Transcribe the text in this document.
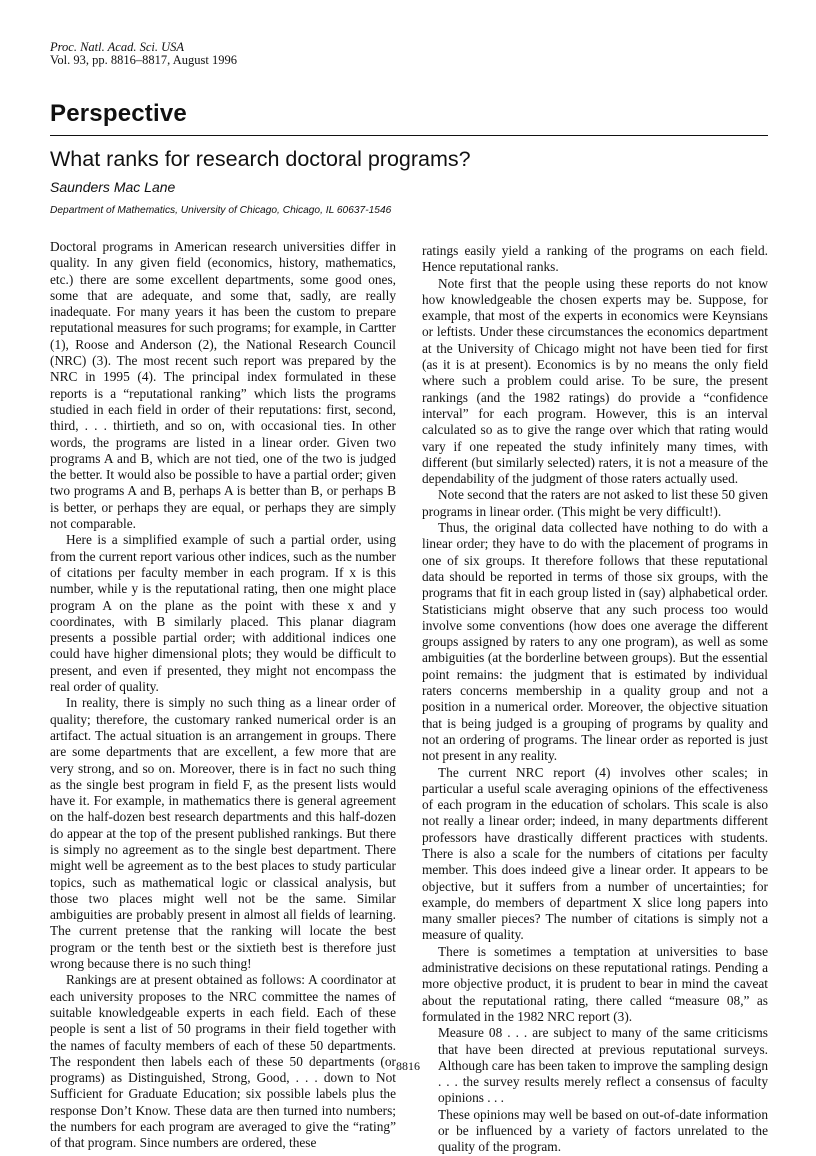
Proc. Natl. Acad. Sci. USA
Vol. 93, pp. 8816–8817, August 1996
Perspective
What ranks for research doctoral programs?
Saunders Mac Lane
Department of Mathematics, University of Chicago, Chicago, IL 60637-1546

Doctoral programs in American research universities differ in quality. In any given field (economics, history, mathematics, etc.) there are some excellent departments, some good ones, some that are adequate, and some that, sadly, are really inadequate. For many years it has been the custom to prepare reputational measures for such programs; for example, in Cartter (1), Roose and Anderson (2), the National Research Council (NRC) (3). The most recent such report was prepared by the NRC in 1995 (4). The principal index formulated in these reports is a “reputational ranking” which lists the programs studied in each field in order of their reputations: first, second, third, . . . thirtieth, and so on, with occasional ties. In other words, the programs are listed in a linear order. Given two programs A and B, which are not tied, one of the two is judged the better. It would also be possible to have a partial order; given two programs A and B, perhaps A is better than B, or perhaps B is better, or perhaps they are equal, or perhaps they are simply not comparable.

Here is a simplified example of such a partial order, using from the current report various other indices, such as the number of citations per faculty member in each program. If x is this number, while y is the reputational rating, then one might place program A on the plane as the point with these x and y coordinates, with B similarly placed. This planar diagram presents a possible partial order; with additional indices one could have higher dimensional plots; they would be difficult to present, and even if presented, they might not encompass the real order of quality.

In reality, there is simply no such thing as a linear order of quality; therefore, the customary ranked numerical order is an artifact. The actual situation is an arrangement in groups. There are some departments that are excellent, a few more that are very strong, and so on. Moreover, there is in fact no such thing as the single best program in field F, as the present lists would have it. For example, in mathematics there is general agreement on the half-dozen best research departments and this half-dozen do appear at the top of the present published rankings. But there is simply no agreement as to the single best department. There might well be agreement as to the best places to study particular topics, such as mathematical logic or classical analysis, but those two places might well not be the same. Similar ambiguities are probably present in almost all fields of learning. The current pretense that the ranking will locate the best program or the tenth best or the sixtieth best is therefore just wrong because there is no such thing!

Rankings are at present obtained as follows: A coordinator at each university proposes to the NRC committee the names of suitable knowledgeable experts in each field. Each of these people is sent a list of 50 programs in their field together with the names of faculty members of each of these 50 departments. The respondent then labels each of these 50 departments (or programs) as Distinguished, Strong, Good, . . . down to Not Sufficient for Graduate Education; six possible labels plus the response Don’t Know. These data are then turned into numbers; the numbers for each program are averaged to give the “rating” of that program. Since numbers are ordered, these

ratings easily yield a ranking of the programs on each field. Hence reputational ranks.

Note first that the people using these reports do not know how knowledgeable the chosen experts may be. Suppose, for example, that most of the experts in economics were Keynsians or leftists. Under these circumstances the economics department at the University of Chicago might not have been tied for first (as it is at present). Economics is by no means the only field where such a problem could arise. To be sure, the present rankings (and the 1982 ratings) do provide a “confidence interval” for each program. However, this is an interval calculated so as to give the range over which that rating would vary if one repeated the study infinitely many times, with different (but similarly selected) raters, it is not a measure of the dependability of the judgment of those raters actually used.

Note second that the raters are not asked to list these 50 given programs in linear order. (This might be very difficult!).

Thus, the original data collected have nothing to do with a linear order; they have to do with the placement of programs in one of six groups. It therefore follows that these reputational data should be reported in terms of those six groups, with the programs that fit in each group listed in (say) alphabetical order. Statisticians might observe that any such process too would involve some conventions (how does one average the different groups assigned by raters to any one program), as well as some ambiguities (at the borderline between groups). But the essential point remains: the judgment that is estimated by individual raters concerns membership in a quality group and not a position in a numerical order. Moreover, the objective situation that is being judged is a grouping of programs by quality and not an ordering of programs. The linear order as reported is just not present in any reality.

The current NRC report (4) involves other scales; in particular a useful scale averaging opinions of the effectiveness of each program in the education of scholars. This scale is also not really a linear order; indeed, in many departments different professors have drastically different practices with students. There is also a scale for the numbers of citations per faculty member. This does indeed give a linear order. It appears to be objective, but it suffers from a number of uncertainties; for example, do members of department X slice long papers into many smaller pieces? The number of citations is simply not a measure of quality.

There is sometimes a temptation at universities to base administrative decisions on these reputational ratings. Pending a more objective product, it is prudent to bear in mind the caveat about the reputational rating, there called “measure 08,” as formulated in the 1982 NRC report (3).

Measure 08 . . . are subject to many of the same criticisms that have been directed at previous reputational surveys. Although care has been taken to improve the sampling design . . . the survey results merely reflect a consensus of faculty opinions . . .

These opinions may well be based on out-of-date information or be influenced by a variety of factors unrelated to the quality of the program.

8816
